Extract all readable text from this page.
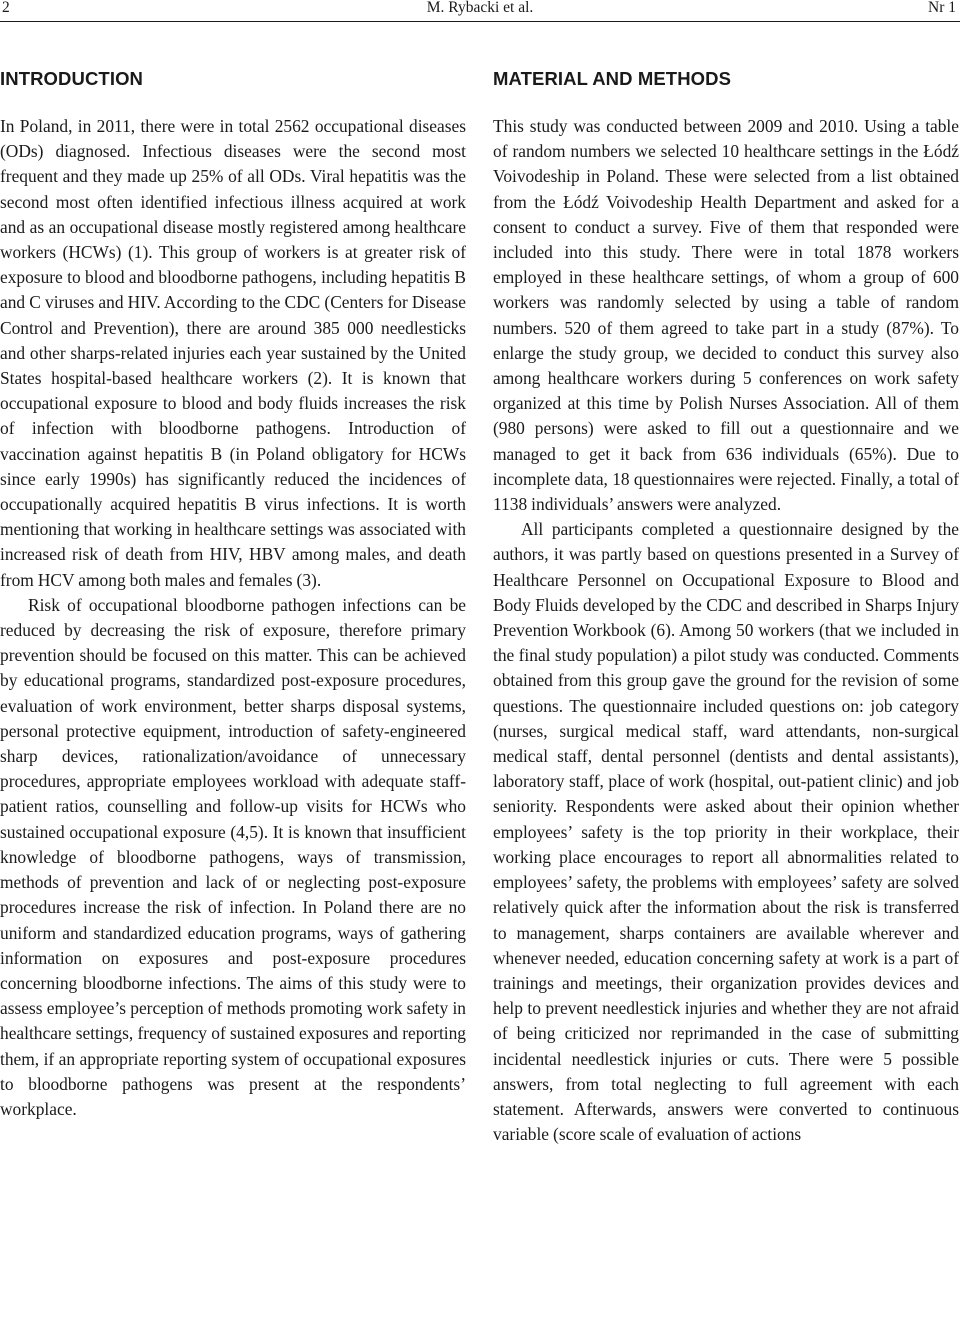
2	M. Rybacki et al.	Nr 1
INTRODUCTION

In Poland, in 2011, there were in total 2562 occupational diseases (ODs) diagnosed. Infectious diseases were the second most frequent and they made up 25% of all ODs. Viral hepatitis was the second most often identified infectious illness acquired at work and as an occupational disease mostly registered among healthcare workers (HCWs) (1). This group of workers is at greater risk of exposure to blood and bloodborne pathogens, including hepatitis B and C viruses and HIV. According to the CDC (Centers for Disease Control and Prevention), there are around 385 000 needlesticks and other sharps-related injuries each year sustained by the United States hospital-based healthcare workers (2). It is known that occupational exposure to blood and body fluids increases the risk of infection with bloodborne pathogens. Introduction of vaccination against hepatitis B (in Poland obligatory for HCWs since early 1990s) has significantly reduced the incidences of occupationally acquired hepatitis B virus infections. It is worth mentioning that working in healthcare settings was associated with increased risk of death from HIV, HBV among males, and death from HCV among both males and females (3).

Risk of occupational bloodborne pathogen infections can be reduced by decreasing the risk of exposure, therefore primary prevention should be focused on this matter. This can be achieved by educational programs, standardized post-exposure procedures, evaluation of work environment, better sharps disposal systems, personal protective equipment, introduction of safety-engineered sharp devices, rationalization/avoidance of unnecessary procedures, appropriate employees workload with adequate staff-patient ratios, counselling and follow-up visits for HCWs who sustained occupational exposure (4,5). It is known that insufficient knowledge of bloodborne pathogens, ways of transmission, methods of prevention and lack of or neglecting post-exposure procedures increase the risk of infection. In Poland there are no uniform and standardized education programs, ways of gathering information on exposures and post-exposure procedures concerning bloodborne infections. The aims of this study were to assess employee’s perception of methods promoting work safety in healthcare settings, frequency of sustained exposures and reporting them, if an appropriate reporting system of occupational exposures to bloodborne pathogens was present at the respondents’ workplace.

MATERIAL AND METHODS

This study was conducted between 2009 and 2010. Using a table of random numbers we selected 10 healthcare settings in the Łódź Voivodeship in Poland. These were selected from a list obtained from the Łódź Voivodeship Health Department and asked for a consent to conduct a survey. Five of them that responded were included into this study. There were in total 1878 workers employed in these healthcare settings, of whom a group of 600 workers was randomly selected by using a table of random numbers. 520 of them agreed to take part in a study (87%). To enlarge the study group, we decided to conduct this survey also among healthcare workers during 5 conferences on work safety organized at this time by Polish Nurses Association. All of them (980 persons) were asked to fill out a questionnaire and we managed to get it back from 636 individuals (65%). Due to incomplete data, 18 questionnaires were rejected. Finally, a total of 1138 individuals’ answers were analyzed.

All participants completed a questionnaire designed by the authors, it was partly based on questions presented in a Survey of Healthcare Personnel on Occupational Exposure to Blood and Body Fluids developed by the CDC and described in Sharps Injury Prevention Workbook (6). Among 50 workers (that we included in the final study population) a pilot study was conducted. Comments obtained from this group gave the ground for the revision of some questions. The questionnaire included questions on: job category (nurses, surgical medical staff, ward attendants, non-surgical medical staff, dental personnel (dentists and dental assistants), laboratory staff, place of work (hospital, out-patient clinic) and job seniority. Respondents were asked about their opinion whether employees’ safety is the top priority in their workplace, their working place encourages to report all abnormalities related to employees’ safety, the problems with employees’ safety are solved relatively quick after the information about the risk is transferred to management, sharps containers are available wherever and whenever needed, education concerning safety at work is a part of trainings and meetings, their organization provides devices and help to prevent needlestick injuries and whether they are not afraid of being criticized nor reprimanded in the case of submitting incidental needlestick injuries or cuts. There were 5 possible answers, from total neglecting to full agreement with each statement. Afterwards, answers were converted to continuous variable (score scale of evaluation of actions
